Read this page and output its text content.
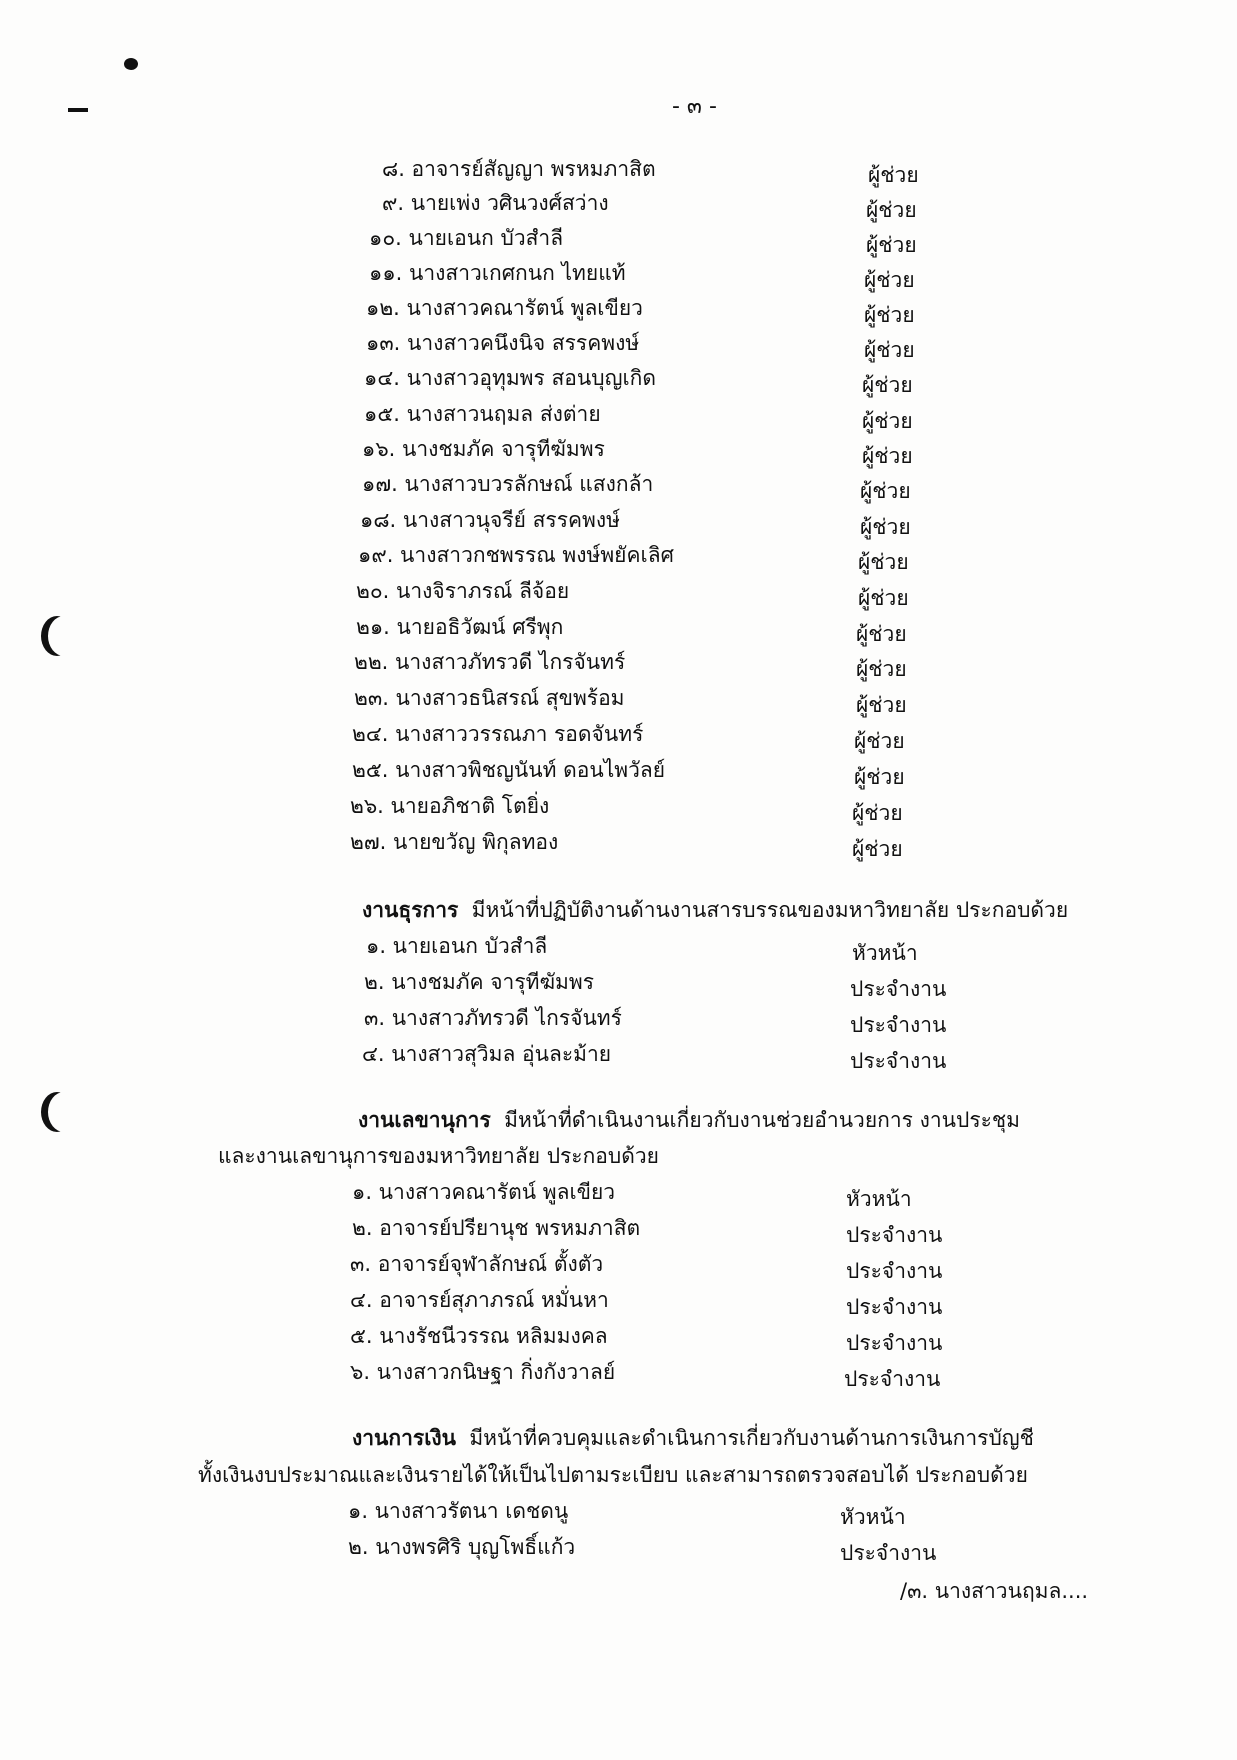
- ๓ -
๘. อาจารย์สัญญา พรหมภาสิต	ผู้ช่วย
๙. นายเพ่ง วศินวงศ์สว่าง	ผู้ช่วย
๑๐. นายเอนก บัวสำลี	ผู้ช่วย
๑๑. นางสาวเกศกนก ไทยแท้	ผู้ช่วย
๑๒. นางสาวคณารัตน์ พูลเขียว	ผู้ช่วย
๑๓. นางสาวคนึงนิจ สรรคพงษ์	ผู้ช่วย
๑๔. นางสาวอุทุมพร สอนบุญเกิด	ผู้ช่วย
๑๕. นางสาวนฤมล ส่งต่าย	ผู้ช่วย
๑๖. นางชมภัค จารุทีฆัมพร	ผู้ช่วย
๑๗. นางสาวบวรลักษณ์ แสงกล้า	ผู้ช่วย
๑๘. นางสาวนุจรีย์ สรรคพงษ์	ผู้ช่วย
๑๙. นางสาวกชพรรณ พงษ์พยัคเลิศ	ผู้ช่วย
๒๐. นางจิราภรณ์ ลีจ้อย	ผู้ช่วย
๒๑. นายอธิวัฒน์ ศรีพุก	ผู้ช่วย
๒๒. นางสาวภัทรวดี ไกรจันทร์	ผู้ช่วย
๒๓. นางสาวธนิสรณ์ สุขพร้อม	ผู้ช่วย
๒๔. นางสาววรรณภา รอดจันทร์	ผู้ช่วย
๒๕. นางสาวพิชญนันท์ ดอนไพวัลย์	ผู้ช่วย
๒๖. นายอภิชาติ โตยิ่ง	ผู้ช่วย
๒๗. นายขวัญ พิกุลทอง	ผู้ช่วย
งานธุรการ มีหน้าที่ปฏิบัติงานด้านงานสารบรรณของมหาวิทยาลัย ประกอบด้วย
๑. นายเอนก บัวสำลี	หัวหน้า
๒. นางชมภัค จารุทีฆัมพร	ประจำงาน
๓. นางสาวภัทรวดี ไกรจันทร์	ประจำงาน
๔. นางสาวสุวิมล อุ่นละม้าย	ประจำงาน
งานเลขานุการ มีหน้าที่ดำเนินงานเกี่ยวกับงานช่วยอำนวยการ งานประชุม
และงานเลขานุการของมหาวิทยาลัย ประกอบด้วย
๑. นางสาวคณารัตน์ พูลเขียว	หัวหน้า
๒. อาจารย์ปรียานุช พรหมภาสิต	ประจำงาน
๓. อาจารย์จุฬาลักษณ์ ตั้งตัว	ประจำงาน
๔. อาจารย์สุภาภรณ์ หมั่นหา	ประจำงาน
๕. นางรัชนีวรรณ หลิมมงคล	ประจำงาน
๖. นางสาวกนิษฐา กิ่งกังวาลย์	ประจำงาน
งานการเงิน มีหน้าที่ควบคุมและดำเนินการเกี่ยวกับงานด้านการเงินการบัญชี
ทั้งเงินงบประมาณและเงินรายได้ให้เป็นไปตามระเบียบ และสามารถตรวจสอบได้ ประกอบด้วย
๑. นางสาวรัตนา เดชดนู	หัวหน้า
๒. นางพรศิริ บุญโพธิ์แก้ว	ประจำงาน
/๓. นางสาวนฤมล....
